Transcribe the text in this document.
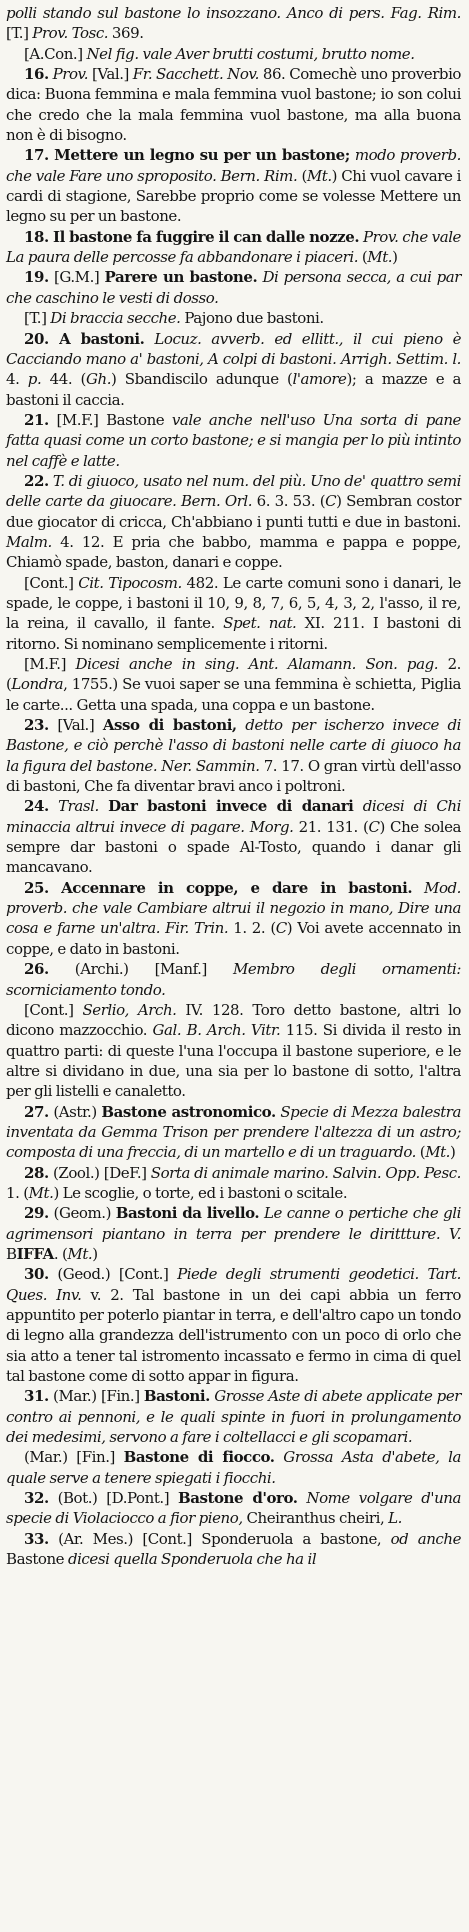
polli stando sul bastone lo insozzano. Anco di pers. Fag. Rim. [T.] Prov. Tosc. 369.

[A.Con.] Nel fig. vale Aver brutti costumi, brutto nome.

16. Prov. [Val.] Fr. Sacchett. Nov. 86. Comechè uno proverbio dica: Buona femmina e mala femmina vuol bastone; io son colui che credo che la mala femmina vuol bastone, ma alla buona non è di bisogno.

17. Mettere un legno su per un bastone; modo proverb. che vale Fare uno sproposito. Bern. Rim. (Mt.) Chi vuol cavare i cardi di stagione, Sarebbe proprio come se volesse Mettere un legno su per un bastone.

18. Il bastone fa fuggire il can dalle nozze. Prov. che vale La paura delle percosse fa abbandonare i piaceri. (Mt.)

19. [G.M.] Parere un bastone. Di persona secca, a cui par che caschino le vesti di dosso.

[T.] Di braccia secche. Pajono due bastoni.

20. A bastoni. Locuz. avverb. ed ellitt., il cui pieno è Cacciando mano a' bastoni, A colpi di bastoni. Arrigh. Settim. l. 4. p. 44. (Gh.) Sbandiscilo adunque (l'amore); a mazze e a bastoni il caccia.

21. [M.F.] Bastone vale anche nell'uso Una sorta di pane fatta quasi come un corto bastone; e si mangia per lo più intinto nel caffè e latte.

22. T. di giuoco, usato nel num. del più. Uno de' quattro semi delle carte da giuocare. Bern. Orl. 6. 3. 53. (C) Sembran costor due giocator di cricca, Ch'abbiano i punti tutti e due in bastoni. Malm. 4. 12. E pria che babbo, mamma e pappa e poppe, Chiamò spade, baston, danari e coppe.

[Cont.] Cit. Tipocosm. 482. Le carte comuni sono i danari, le spade, le coppe, i bastoni il 10, 9, 8, 7, 6, 5, 4, 3, 2, l'asso, il re, la reina, il cavallo, il fante. Spet. nat. XI. 211. I bastoni di ritorno. Si nominano semplicemente i ritorni.

[M.F.] Dicesi anche in sing. Ant. Alamann. Son. pag. 2. (Londra, 1755.) Se vuoi saper se una femmina è schietta, Piglia le carte... Getta una spada, una coppa e un bastone.

23. [Val.] Asso di bastoni, detto per ischerzo invece di Bastone, e ciò perchè l'asso di bastoni nelle carte di giuoco ha la figura del bastone. Ner. Sammin. 7. 17. O gran virtù dell'asso di bastoni, Che fa diventar bravi anco i poltroni.

24. Trasl. Dar bastoni invece di danari dicesi di Chi minaccia altrui invece di pagare. Morg. 21. 131. (C) Che solea sempre dar bastoni o spade Al-Tosto, quando i danar gli mancavano.

25. Accennare in coppe, e dare in bastoni. Mod. proverb. che vale Cambiare altrui il negozio in mano, Dire una cosa e farne un'altra. Fir. Trin. 1. 2. (C) Voi avete accennato in coppe, e dato in bastoni.

26. (Archi.) [Manf.] Membro degli ornamenti: scorniciamento tondo.

[Cont.] Serlio, Arch. IV. 128. Toro detto bastone, altri lo dicono mazzocchio. Gal. B. Arch. Vitr. 115. Si divida il resto in quattro parti: di queste l'una l'occupa il bastone superiore, e le altre si dividano in due, una sia per lo bastone di sotto, l'altra per gli listelli e canaletto.

27. (Astr.) Bastone astronomico. Specie di Mezza balestra inventata da Gemma Trison per prendere l'altezza di un astro; composta di una freccia, di un martello e di un traguardo. (Mt.)

28. (Zool.) [DeF.] Sorta di animale marino. Salvin. Opp. Pesc. 1. (Mt.) Le scoglie, o torte, ed i bastoni o scitale.

29. (Geom.) Bastoni da livello. Le canne o pertiche che gli agrimensori piantano in terra per prendere le dirittture. V. BIFFA. (Mt.)

30. (Geod.) [Cont.] Piede degli strumenti geodetici. Tart. Ques. Inv. v. 2. Tal bastone in un dei capi abbia un ferro appuntito per poterlo piantar in terra, e dell'altro capo un tondo di legno alla grandezza dell'istrumento con un poco di orlo che sia atto a tener tal istromento incassato e fermo in cima di quel tal bastone come di sotto appar in figura.

31. (Mar.) [Fin.] Bastoni. Grosse Aste di abete applicate per contro ai pennoni, e le quali spinte in fuori in prolungamento dei medesimi, servono a fare i coltellacci e gli scopamari.

(Mar.) [Fin.] Bastone di fiocco. Grossa Asta d'abete, la quale serve a tenere spiegati i fiocchi.

32. (Bot.) [D.Pont.] Bastone d'oro. Nome volgare d'una specie di Violaciocco a fior pieno, Cheiranthus cheiri, L.

33. (Ar. Mes.) [Cont.] Sponderuola a bastone, od anche Bastone dicesi quella Sponderuola che ha il
